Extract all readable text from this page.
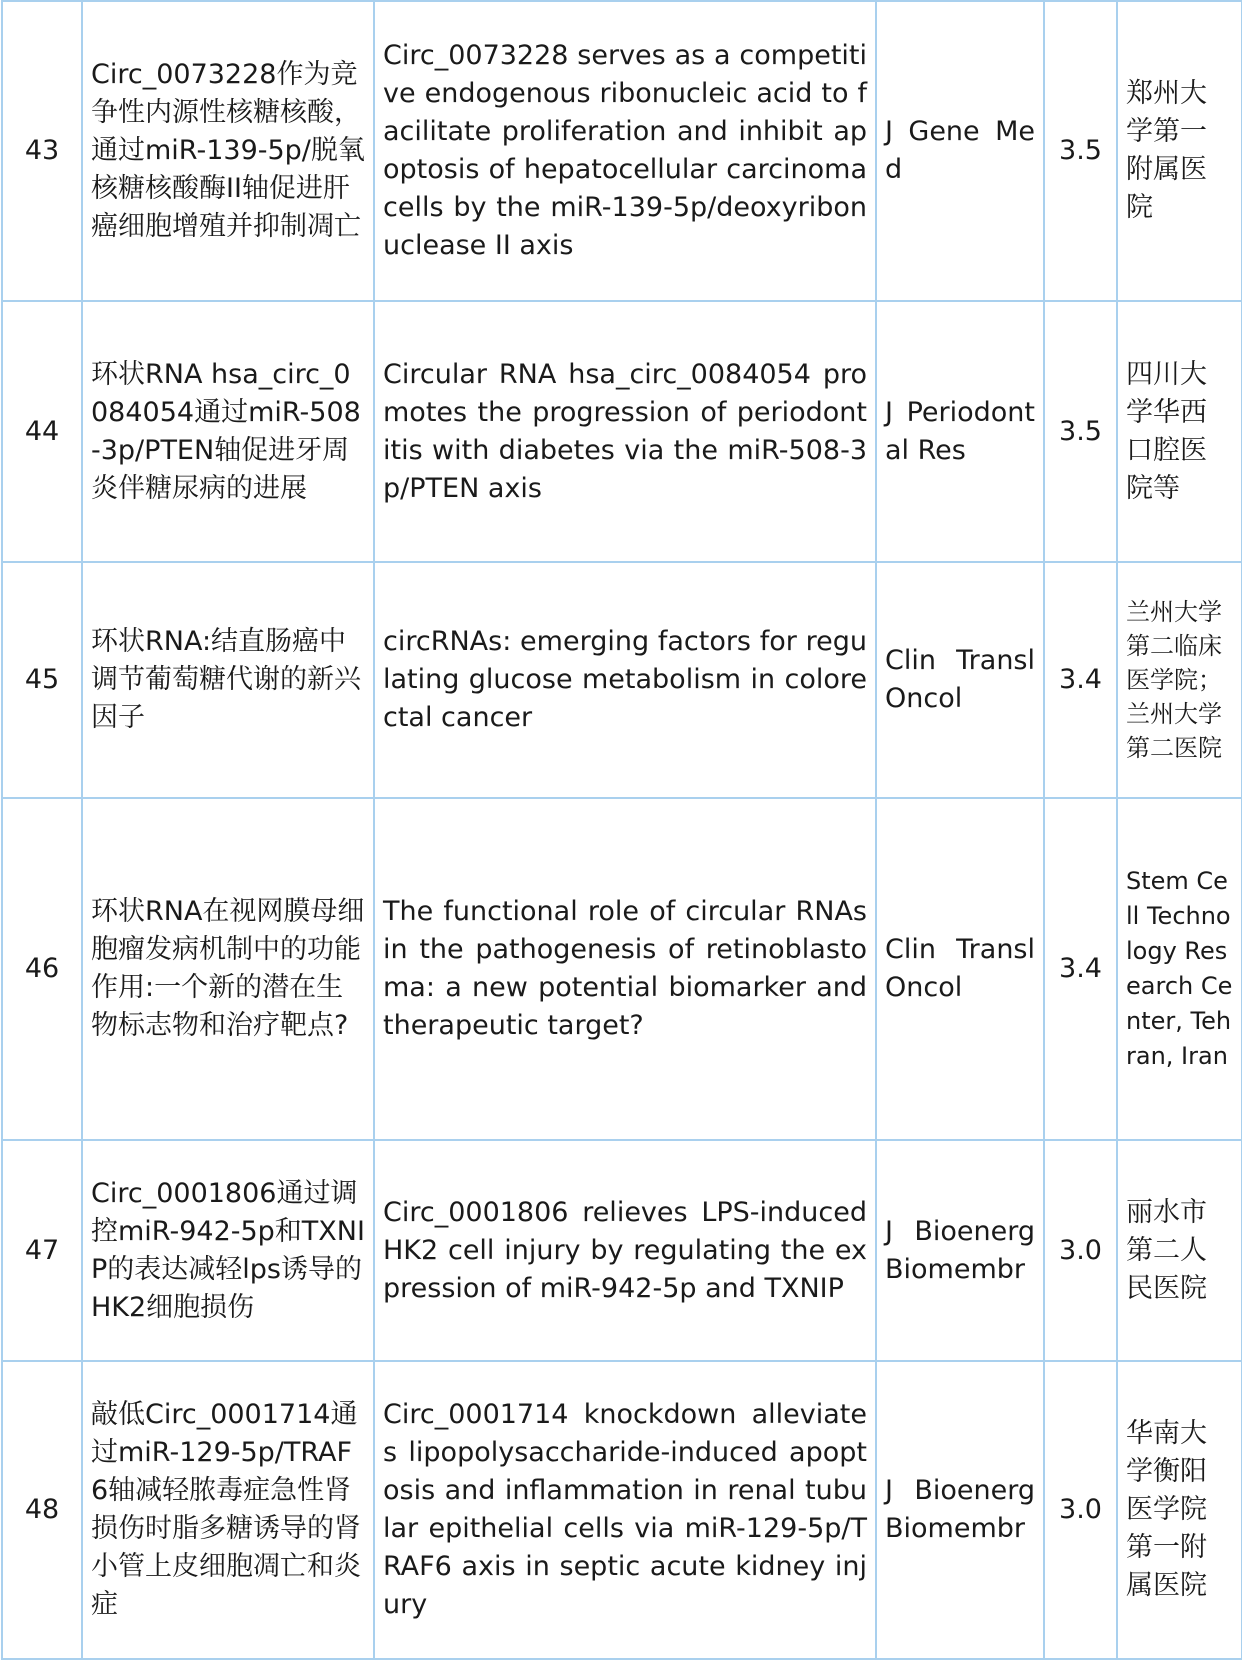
43	Circ_0073228作为竞争性内源性核糖核酸，通过miR-139-5p/脱氧核糖核酸酶II轴促进肝癌细胞增殖并抑制凋亡	Circ_0073228 serves as a competitive endogenous ribonucleic acid to facilitate proliferation and inhibit apoptosis of hepatocellular carcinoma cells by the miR-139-5p/deoxyribonuclease II axis	J Gene Med	3.5	郑州大学第一附属医院
44	环状RNA hsa_circ_0084054通过miR-508-3p/PTEN轴促进牙周炎伴糖尿病的进展	Circular RNA hsa_circ_0084054 promotes the progression of periodontitis with diabetes via the miR-508-3p/PTEN axis	J Periodontal Res	3.5	四川大学华西口腔医院等
45	环状RNA:结直肠癌中调节葡萄糖代谢的新兴因子	circRNAs: emerging factors for regulating glucose metabolism in colorectal cancer	Clin Transl Oncol	3.4	兰州大学第二临床医学院；兰州大学第二医院
46	环状RNA在视网膜母细胞瘤发病机制中的功能作用:一个新的潜在生物标志物和治疗靶点?	The functional role of circular RNAs in the pathogenesis of retinoblastoma: a new potential biomarker and therapeutic target?	Clin Transl Oncol	3.4	Stem Cell Technology Research Center, Tehran, Iran
47	Circ_0001806通过调控miR-942-5p和TXNIP的表达减轻lps诱导的HK2细胞损伤	Circ_0001806 relieves LPS-induced HK2 cell injury by regulating the expression of miR-942-5p and TXNIP	J Bioenerg Biomembr	3.0	丽水市第二人民医院
48	敲低Circ_0001714通过miR-129-5p/TRAF6轴减轻脓毒症急性肾损伤时脂多糖诱导的肾小管上皮细胞凋亡和炎症	Circ_0001714 knockdown alleviates lipopolysaccharide-induced apoptosis and inflammation in renal tubular epithelial cells via miR-129-5p/TRAF6 axis in septic acute kidney injury	J Bioenerg Biomembr	3.0	华南大学衡阳医学院第一附属医院
